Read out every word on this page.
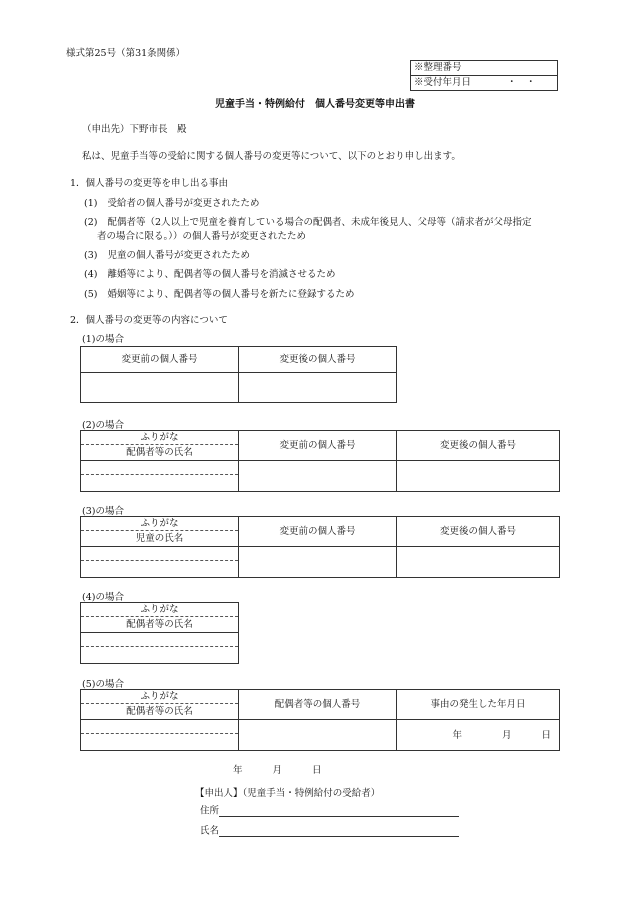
様式第25号（第31条関係）
※整理番号
※受付年月日	・　・
児童手当・特例給付　個人番号変更等申出書
（申出先）下野市長　殿
私は、児童手当等の受給に関する個人番号の変更等について、以下のとおり申し出ます。
1．個人番号の変更等を申し出る事由
(1) 受給者の個人番号が変更されたため
(2) 配偶者等（2人以上で児童を養育している場合の配偶者、未成年後見人、父母等（請求者が父母指定
者の場合に限る。））の個人番号が変更されたため
(3) 児童の個人番号が変更されたため
(4) 離婚等により、配偶者等の個人番号を消滅させるため
(5) 婚姻等により、配偶者等の個人番号を新たに登録するため
2．個人番号の変更等の内容について
(1)の場合
変更前の個人番号	変更後の個人番号

(2)の場合
ふりがな	変更前の個人番号	変更後の個人番号
配偶者等の氏名		

(3)の場合
ふりがな	変更前の個人番号	変更後の個人番号
児童の氏名		

(4)の場合
ふりがな
配偶者等の氏名

(5)の場合
ふりがな	配偶者等の個人番号	事由の発生した年月日
配偶者等の氏名		

		年 月 日

年	月	日
【申出人】（児童手当・特例給付の受給者）
住所
氏名
